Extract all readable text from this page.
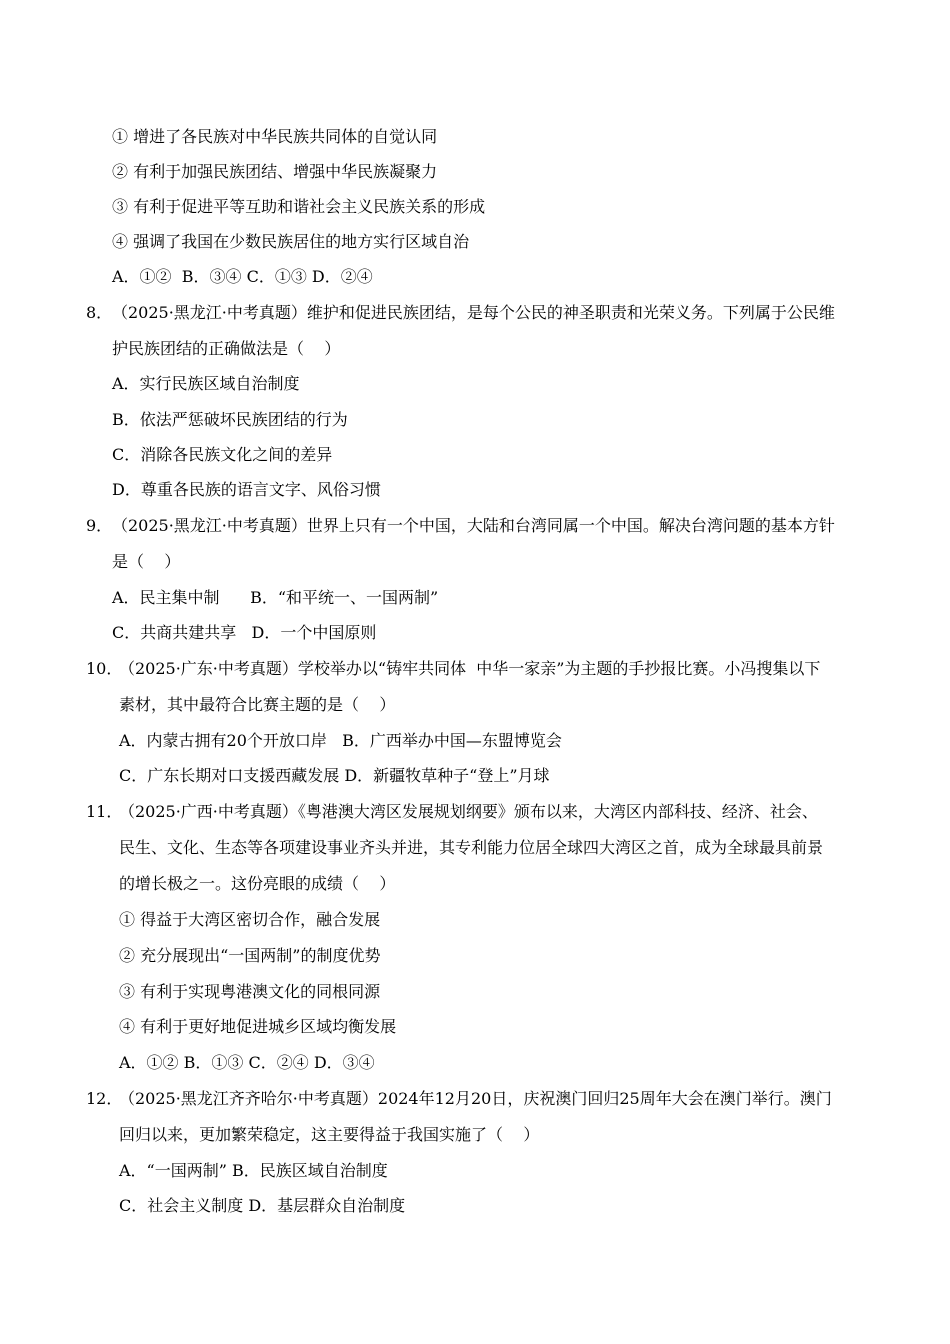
① 增进了各民族对中华民族共同体的自觉认同
② 有利于加强民族团结、增强中华民族凝聚力
③ 有利于促进平等互助和谐社会主义民族关系的形成
④ 强调了我国在少数民族居住的地方实行区域自治
A．①②  B．③④ C．①③ D．②④
8． （2025·黑龙江·中考真题）维护和促进民族团结，是每个公民的神圣职责和光荣义务。下列属于公民维
护民族团结的正确做法是（    ）
A．实行民族区域自治制度
B．依法严惩破坏民族团结的行为
C．消除各民族文化之间的差异
D．尊重各民族的语言文字、风俗习惯
9． （2025·黑龙江·中考真题）世界上只有一个中国，大陆和台湾同属一个中国。解决台湾问题的基本方针
是（    ）
A．民主集中制      B．“和平统一、一国两制”
C．共商共建共享   D．一个中国原则
10．
（2025·广东·中考真题）学校举办以“铸牢共同体  中华一家亲”为主题的手抄报比赛。小冯搜集以下
素材，其中最符合比赛主题的是（    ）
A．内蒙古拥有20个开放口岸   B．广西举办中国—东盟博览会
C．广东长期对口支援西藏发展 D．新疆牧草种子“登上”月球
11．
（2025·广西·中考真题）《粤港澳大湾区发展规划纲要》颁布以来，大湾区内部科技、经济、社会、
民生、文化、生态等各项建设事业齐头并进，其专利能力位居全球四大湾区之首，成为全球最具前景
的增长极之一。这份亮眼的成绩（    ）
① 得益于大湾区密切合作，融合发展
② 充分展现出“一国两制”的制度优势
③ 有利于实现粤港澳文化的同根同源
④ 有利于更好地促进城乡区域均衡发展
A．①② B．①③ C．②④ D．③④
12．
（2025·黑龙江齐齐哈尔·中考真题）2024年12月20日，庆祝澳门回归25周年大会在澳门举行。澳门
回归以来，更加繁荣稳定，这主要得益于我国实施了（    ）
A．“一国两制” B．民族区域自治制度
C．社会主义制度 D．基层群众自治制度
